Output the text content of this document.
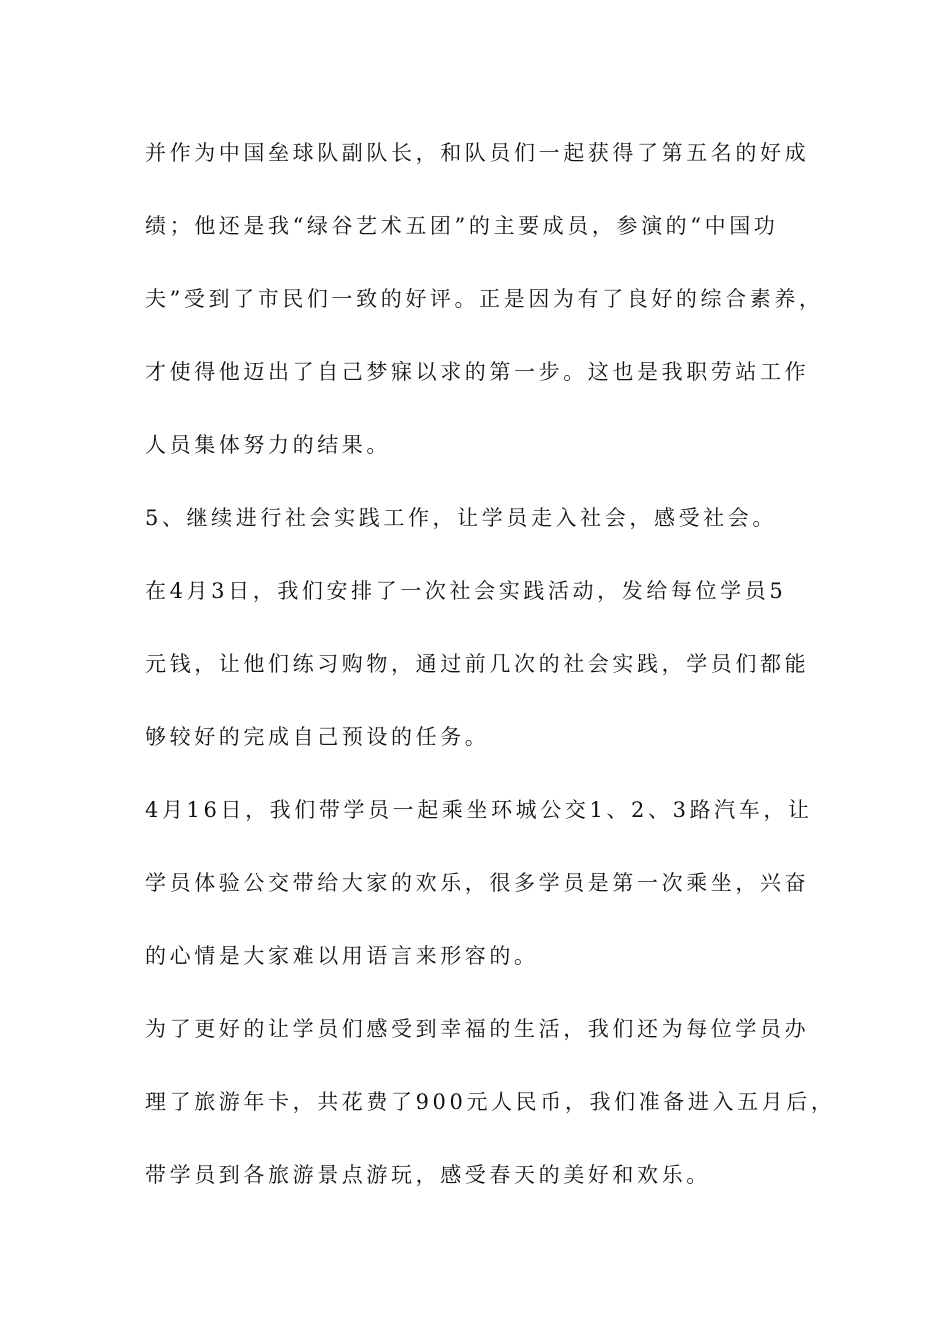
并作为中国垒球队副队长，和队员们一起获得了第五名的好成
绩；他还是我“绿谷艺术五团”的主要成员，参演的“中国功
夫”受到了市民们一致的好评。正是因为有了良好的综合素养，
才使得他迈出了自己梦寐以求的第一步。这也是我职劳站工作
人员集体努力的结果。
5、继续进行社会实践工作，让学员走入社会，感受社会。
在4月3日，我们安排了一次社会实践活动，发给每位学员5
元钱，让他们练习购物，通过前几次的社会实践，学员们都能
够较好的完成自己预设的任务。
4月16日，我们带学员一起乘坐环城公交1、2、3路汽车，让
学员体验公交带给大家的欢乐，很多学员是第一次乘坐，兴奋
的心情是大家难以用语言来形容的。
为了更好的让学员们感受到幸福的生活，我们还为每位学员办
理了旅游年卡，共花费了900元人民币，我们准备进入五月后，
带学员到各旅游景点游玩，感受春天的美好和欢乐。
